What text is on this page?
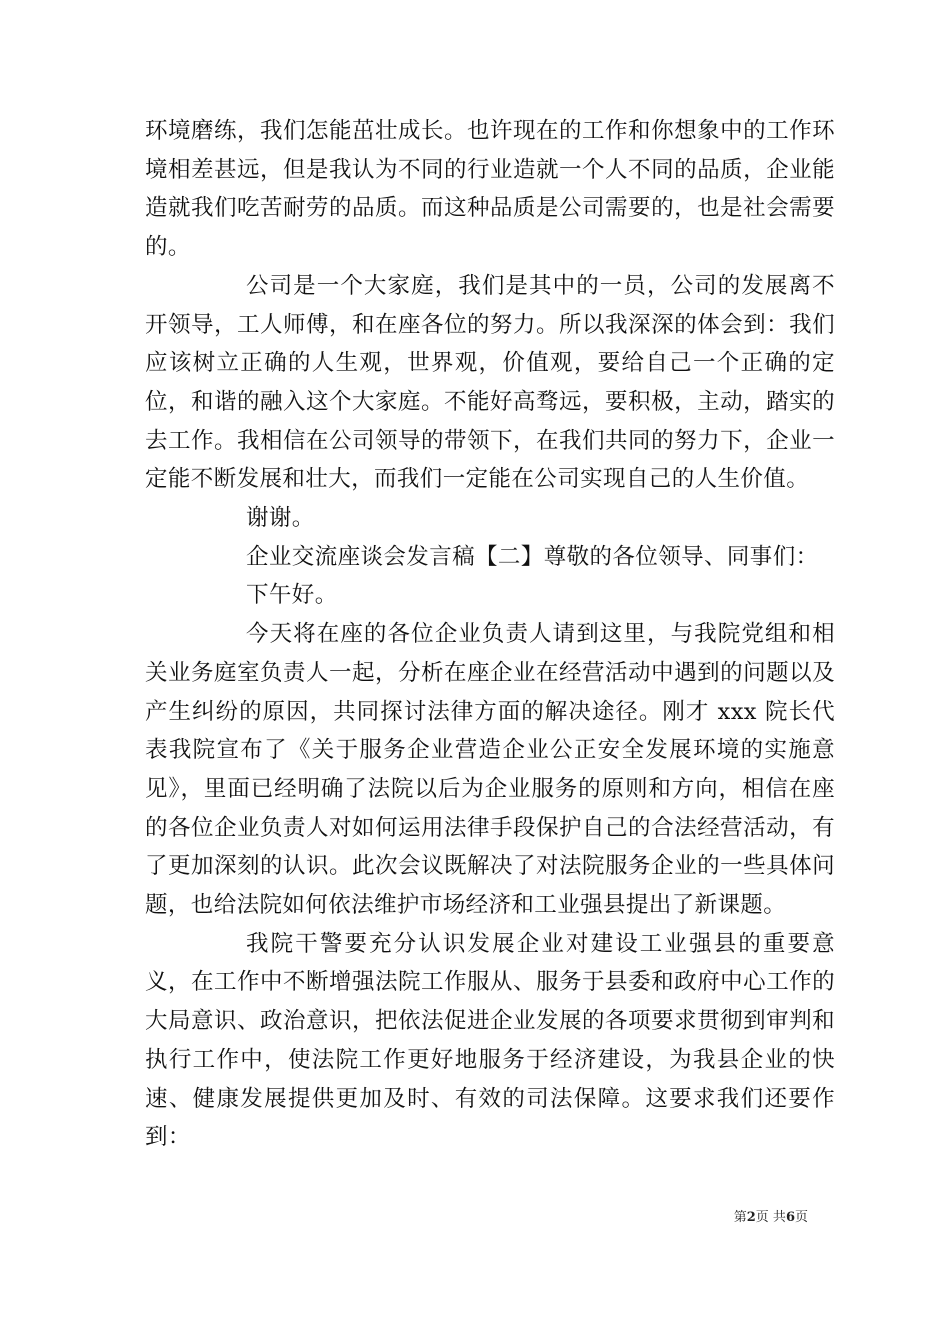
环境磨练，我们怎能茁壮成长。也许现在的工作和你想象中的工作环境相差甚远，但是我认为不同的行业造就一个人不同的品质，企业能造就我们吃苦耐劳的品质。而这种品质是公司需要的，也是社会需要的。

公司是一个大家庭，我们是其中的一员，公司的发展离不开领导，工人师傅，和在座各位的努力。所以我深深的体会到：我们应该树立正确的人生观，世界观，价值观，要给自己一个正确的定位，和谐的融入这个大家庭。不能好高骛远，要积极，主动，踏实的去工作。我相信在公司领导的带领下，在我们共同的努力下，企业一定能不断发展和壮大，而我们一定能在公司实现自己的人生价值。

谢谢。

企业交流座谈会发言稿【二】尊敬的各位领导、同事们：

下午好。

今天将在座的各位企业负责人请到这里，与我院党组和相关业务庭室负责人一起，分析在座企业在经营活动中遇到的问题以及产生纠纷的原因，共同探讨法律方面的解决途径。刚才 xxx 院长代表我院宣布了《关于服务企业营造企业公正安全发展环境的实施意见》，里面已经明确了法院以后为企业服务的原则和方向，相信在座的各位企业负责人对如何运用法律手段保护自己的合法经营活动，有了更加深刻的认识。此次会议既解决了对法院服务企业的一些具体问题，也给法院如何依法维护市场经济和工业强县提出了新课题。

我院干警要充分认识发展企业对建设工业强县的重要意义，在工作中不断增强法院工作服从、服务于县委和政府中心工作的大局意识、政治意识，把依法促进企业发展的各项要求贯彻到审判和执行工作中，使法院工作更好地服务于经济建设，为我县企业的快速、健康发展提供更加及时、有效的司法保障。这要求我们还要作到：

第2页 共6页
